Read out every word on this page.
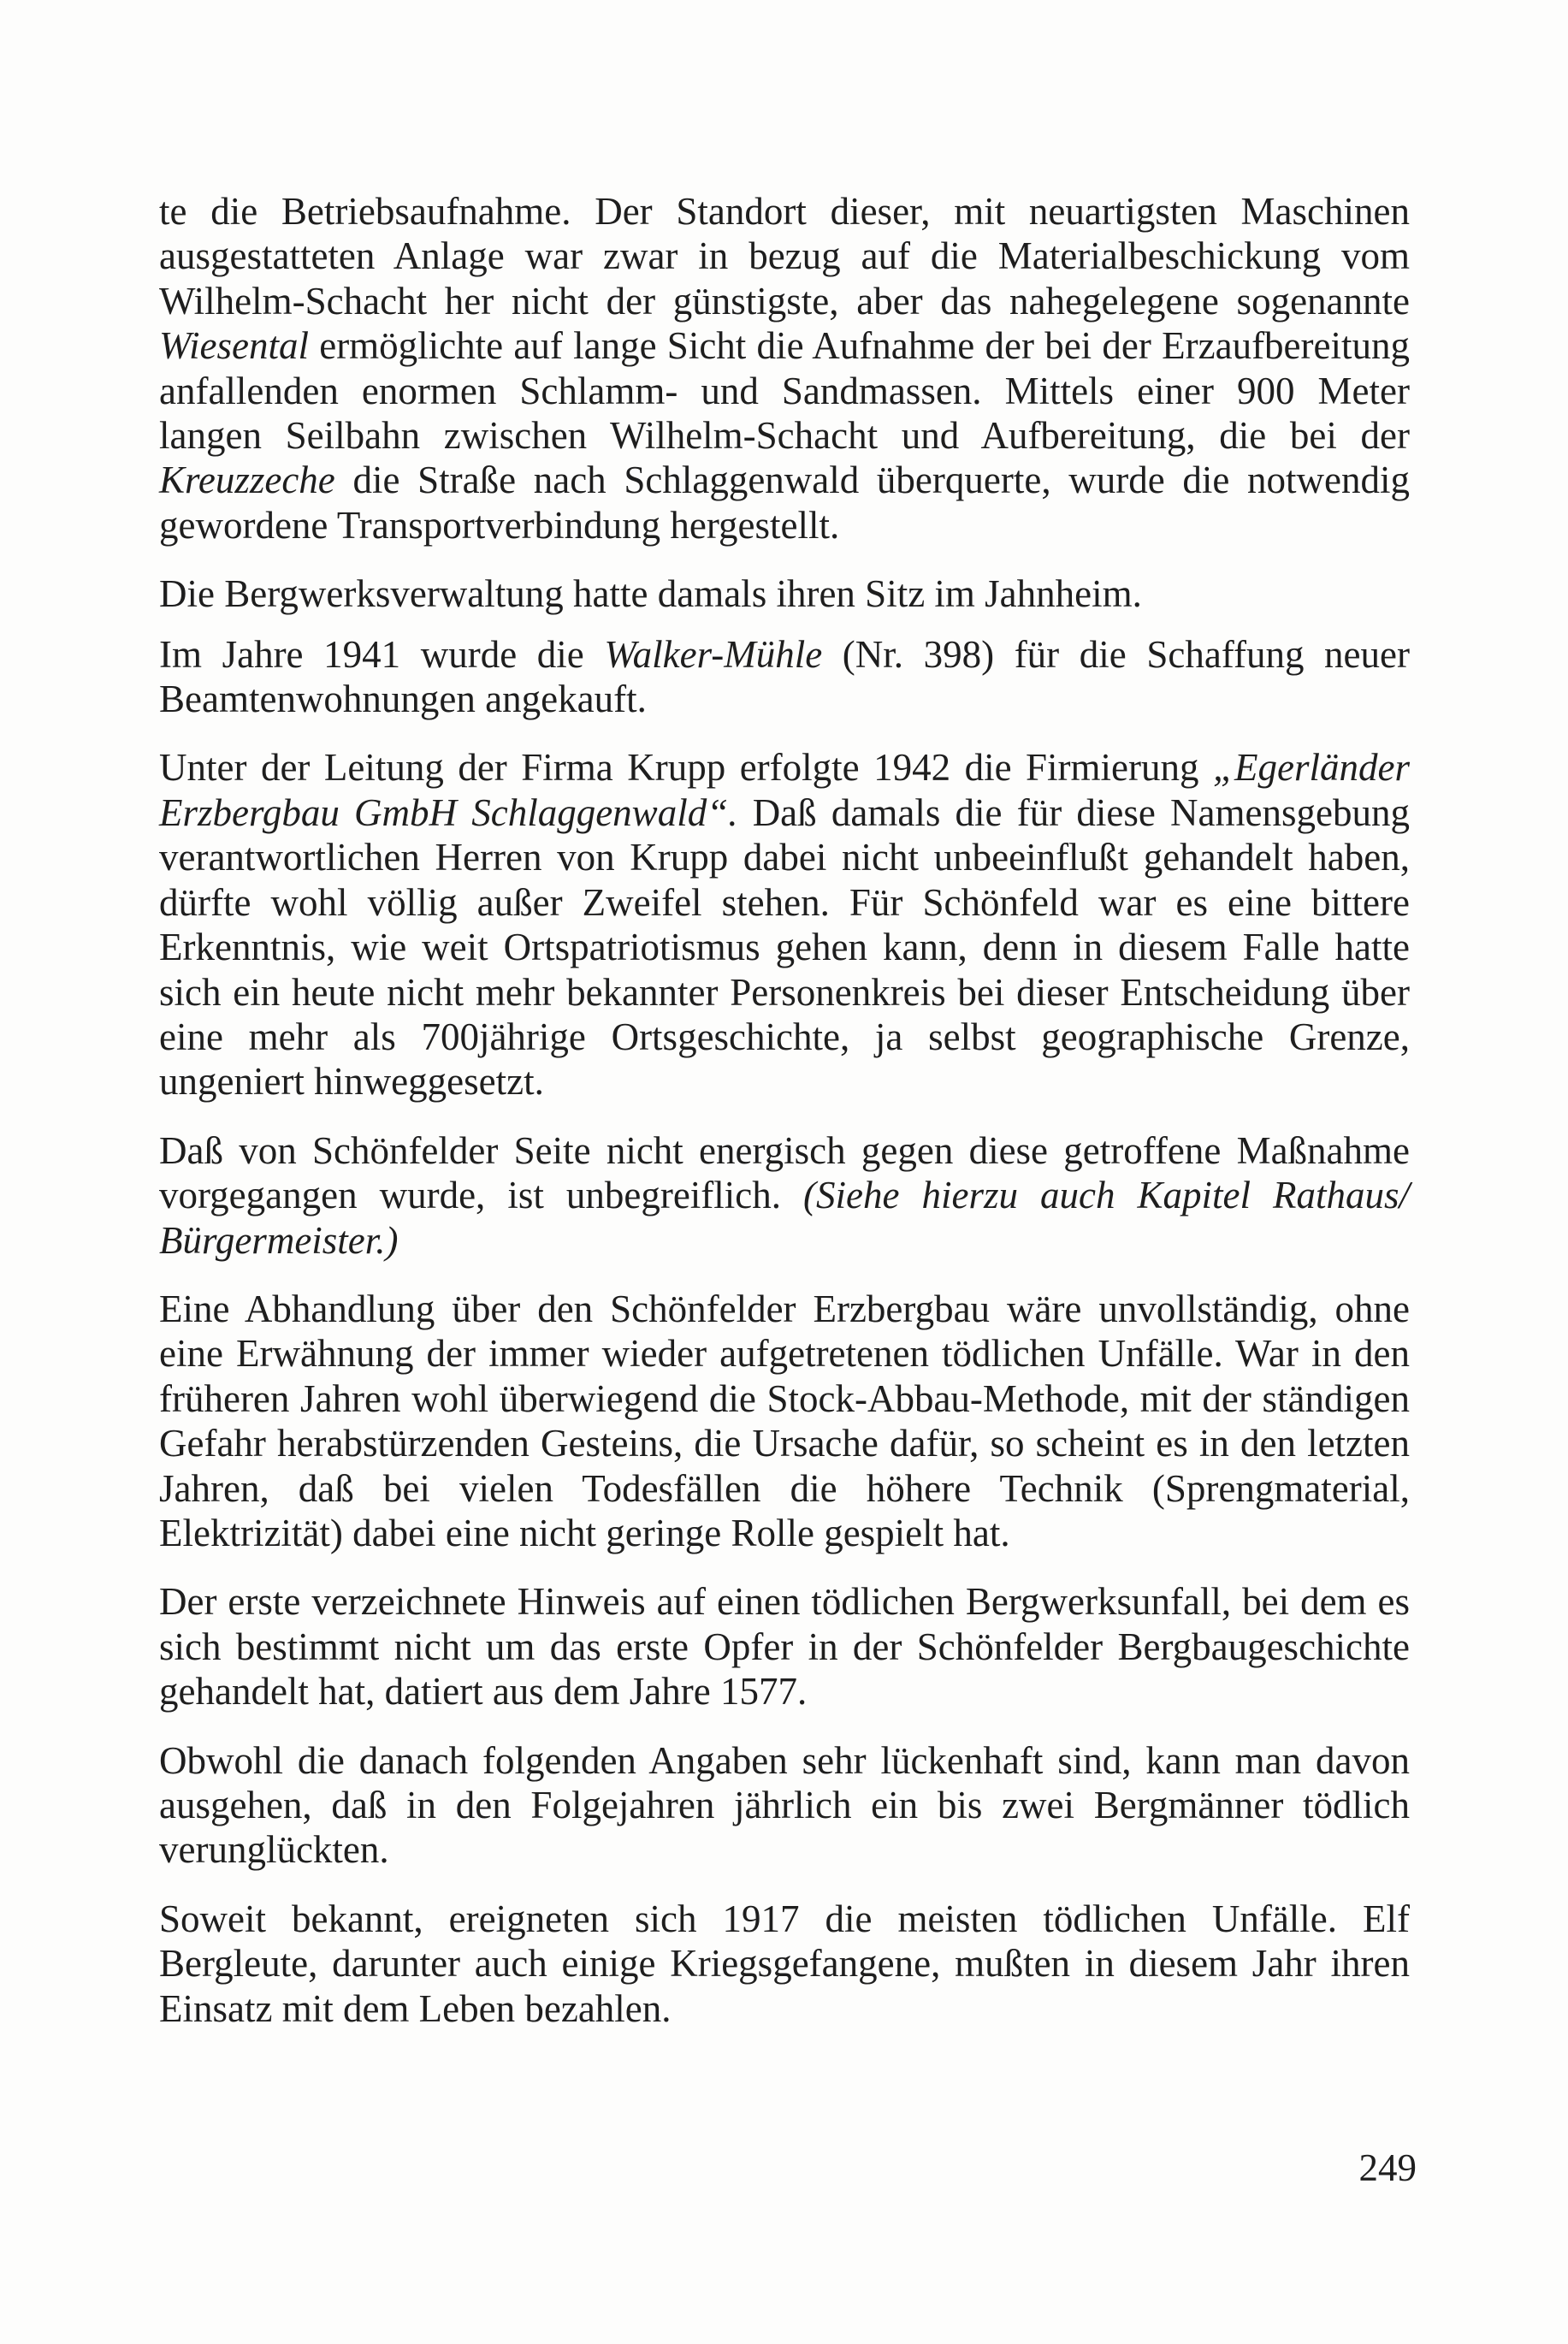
te die Betriebsaufnahme. Der Standort dieser, mit neuartigsten Maschinen ausgestatteten Anlage war zwar in bezug auf die Materialbeschickung vom Wilhelm-Schacht her nicht der günstigste, aber das nahegelegene sogenannte Wiesental ermöglichte auf lange Sicht die Aufnahme der bei der Erzaufbereitung anfallenden enormen Schlamm- und Sandmassen. Mittels einer 900 Meter langen Seilbahn zwischen Wilhelm-Schacht und Aufbereitung, die bei der Kreuzzeche die Straße nach Schlaggenwald überquerte, wurde die notwendig gewordene Transportverbindung hergestellt.

Die Bergwerksverwaltung hatte damals ihren Sitz im Jahnheim.

Im Jahre 1941 wurde die Walker-Mühle (Nr. 398) für die Schaffung neuer Beamtenwohnungen angekauft.

Unter der Leitung der Firma Krupp erfolgte 1942 die Firmierung „Egerländer Erzbergbau GmbH Schlaggenwald“. Daß damals die für diese Namensgebung verantwortlichen Herren von Krupp dabei nicht unbeeinflußt gehandelt haben, dürfte wohl völlig außer Zweifel stehen. Für Schönfeld war es eine bittere Erkenntnis, wie weit Ortspatriotismus gehen kann, denn in diesem Falle hatte sich ein heute nicht mehr bekannter Personenkreis bei dieser Entscheidung über eine mehr als 700jährige Ortsgeschichte, ja selbst geographische Grenze, ungeniert hinweggesetzt.

Daß von Schönfelder Seite nicht energisch gegen diese getroffene Maßnahme vorgegangen wurde, ist unbegreiflich. (Siehe hierzu auch Kapitel Rathaus/ Bürgermeister.)

Eine Abhandlung über den Schönfelder Erzbergbau wäre unvollständig, ohne eine Erwähnung der immer wieder aufgetretenen tödlichen Unfälle. War in den früheren Jahren wohl überwiegend die Stock-Abbau-Methode, mit der ständigen Gefahr herabstürzenden Gesteins, die Ursache dafür, so scheint es in den letzten Jahren, daß bei vielen Todesfällen die höhere Technik (Sprengmaterial, Elektrizität) dabei eine nicht geringe Rolle gespielt hat.

Der erste verzeichnete Hinweis auf einen tödlichen Bergwerksunfall, bei dem es sich bestimmt nicht um das erste Opfer in der Schönfelder Bergbaugeschichte gehandelt hat, datiert aus dem Jahre 1577.

Obwohl die danach folgenden Angaben sehr lückenhaft sind, kann man davon ausgehen, daß in den Folgejahren jährlich ein bis zwei Bergmänner tödlich verunglückten.

Soweit bekannt, ereigneten sich 1917 die meisten tödlichen Unfälle. Elf Bergleute, darunter auch einige Kriegsgefangene, mußten in diesem Jahr ihren Einsatz mit dem Leben bezahlen.

249
